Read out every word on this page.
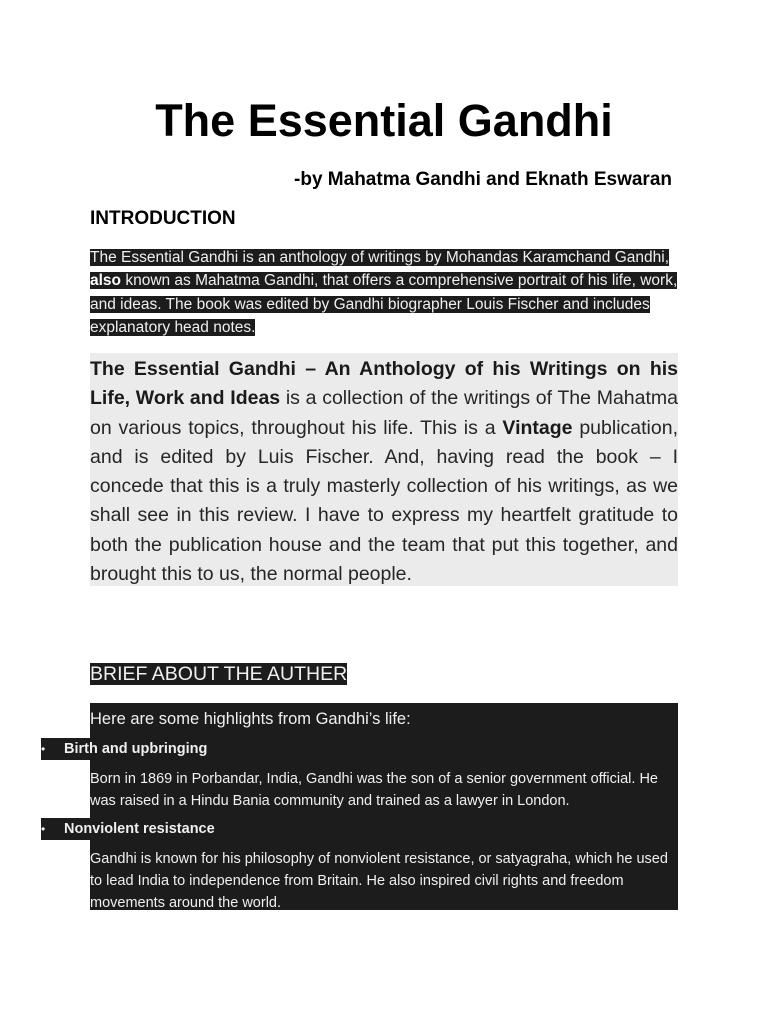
The Essential Gandhi

-by Mahatma Gandhi and Eknath Eswaran

INTRODUCTION

The Essential Gandhi is an anthology of writings by Mohandas Karamchand Gandhi, also known as Mahatma Gandhi, that offers a comprehensive portrait of his life, work, and ideas. The book was edited by Gandhi biographer Louis Fischer and includes explanatory head notes.

The Essential Gandhi – An Anthology of his Writings on his Life, Work and Ideas is a collection of the writings of The Mahatma on various topics, throughout his life. This is a Vintage publication, and is edited by Luis Fischer. And, having read the book – I concede that this is a truly masterly collection of his writings, as we shall see in this review. I have to express my heartfelt gratitude to both the publication house and the team that put this together, and brought this to us, the normal people.

BRIEF ABOUT THE AUTHER

Here are some highlights from Gandhi’s life:

• Birth and upbringing

Born in 1869 in Porbandar, India, Gandhi was the son of a senior government official. He was raised in a Hindu Bania community and trained as a lawyer in London.

• Nonviolent resistance

Gandhi is known for his philosophy of nonviolent resistance, or satyagraha, which he used to lead India to independence from Britain. He also inspired civil rights and freedom movements around the world.
